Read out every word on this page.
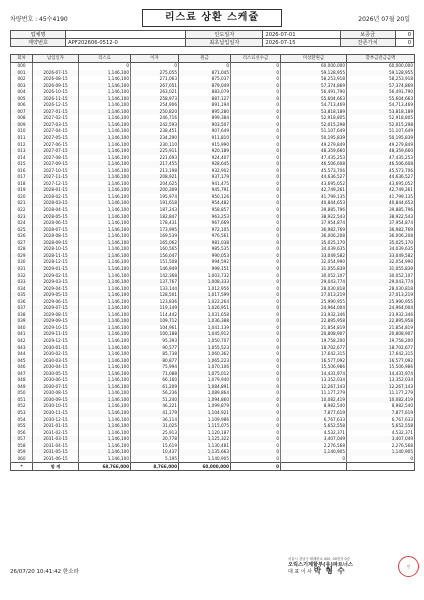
차량번호 : 45수4190	리스료 상환 스케쥴	2026년 07월 20일
업체명		인도일자	2026-07-01	보증금	0
계약번호	APF202606-0512-0	최초납입일자	2026-07-15	잔존가치	0
회차	납입일자	리스료	이자	원금	리스료선수금	미상환원금	할부금잔금금액
000		0	0	0	0	60,000,000	60,000,000
001	2026-07-15	1,146,100	275,055	871,045	0	59,128,955	59,128,955
002	2026-08-15	1,146,100	271,063	875,037	0	58,253,918	58,253,918
003	2026-09-15	1,146,100	267,051	879,049	0	57,374,869	57,374,869
004	2026-10-15	1,146,100	263,021	883,079	0	56,491,790	56,491,790
005	2026-11-15	1,146,100	258,973	887,127	0	55,604,663	55,604,663
006	2026-12-15	1,146,100	254,906	891,194	0	54,713,469	54,713,469
007	2027-01-15	1,146,100	250,820	895,280	0	53,818,189	53,818,189
008	2027-02-15	1,146,100	246,716	899,384	0	52,918,805	52,918,805
009	2027-03-15	1,146,100	242,593	903,507	0	52,015,298	52,015,298
010	2027-04-15	1,146,100	238,451	907,649	0	51,107,649	51,107,649
011	2027-05-15	1,146,100	234,290	911,810	0	50,195,839	50,195,839
012	2027-06-15	1,146,100	230,110	915,990	0	49,279,849	49,279,849
013	2027-07-15	1,146,100	225,911	920,189	0	48,359,660	48,359,660
014	2027-08-15	1,146,100	221,693	924,407	0	47,435,253	47,435,253
015	2027-09-15	1,146,100	217,455	928,645	0	46,506,608	46,506,608
016	2027-10-15	1,146,100	213,198	932,902	0	45,573,706	45,573,706
017	2027-11-15	1,146,100	208,921	937,179	0	44,636,527	44,636,527
018	2027-12-15	1,146,100	204,625	941,475	0	43,695,052	43,695,052
019	2028-01-15	1,146,100	200,309	945,791	0	42,749,261	42,749,261
020	2028-02-15	1,146,100	195,974	950,126	0	41,799,135	41,799,135
021	2028-03-15	1,146,100	191,618	954,482	0	40,844,653	40,844,653
022	2028-04-15	1,146,100	187,243	958,857	0	39,885,796	39,885,796
023	2028-05-15	1,146,100	182,847	963,253	0	38,922,543	38,922,543
024	2028-06-15	1,146,100	178,431	967,669	0	37,954,874	37,954,874
025	2028-07-15	1,146,100	173,995	972,105	0	36,982,769	36,982,769
026	2028-08-15	1,146,100	169,539	976,561	0	36,006,208	36,006,208
027	2028-09-15	1,146,100	165,062	981,038	0	35,025,170	35,025,170
028	2028-10-15	1,146,100	160,565	985,535	0	34,039,635	34,039,635
029	2028-11-15	1,146,100	156,047	990,053	0	33,049,582	33,049,582
030	2028-12-15	1,146,100	151,508	994,592	0	32,054,990	32,054,990
031	2029-01-15	1,146,100	146,949	999,151	0	31,055,839	31,055,839
032	2029-02-15	1,146,100	142,368	1,003,732	0	30,052,107	30,052,107
033	2029-03-15	1,146,100	137,767	1,008,333	0	29,043,774	29,043,774
034	2029-04-15	1,146,100	133,144	1,012,956	0	28,030,818	28,030,818
035	2029-05-15	1,146,100	128,501	1,017,599	0	27,013,219	27,013,219
036	2029-06-15	1,146,100	123,836	1,022,264	0	25,990,955	25,990,955
037	2029-07-15	1,146,100	119,149	1,026,951	0	24,964,004	24,964,004
038	2029-08-15	1,146,100	114,442	1,031,658	0	23,932,346	23,932,346
039	2029-09-15	1,146,100	109,712	1,036,388	0	22,895,958	22,895,958
040	2029-10-15	1,146,100	104,961	1,041,139	0	21,854,819	21,854,819
041	2029-11-15	1,146,100	100,188	1,045,912	0	20,808,907	20,808,907
042	2029-12-15	1,146,100	95,393	1,050,707	0	19,758,200	19,758,200
043	2030-01-15	1,146,100	90,577	1,055,523	0	18,702,677	18,702,677
044	2030-02-15	1,146,100	85,738	1,060,362	0	17,642,315	17,642,315
045	2030-03-15	1,146,100	80,877	1,065,223	0	16,577,092	16,577,092
046	2030-04-15	1,146,100	75,994	1,070,106	0	15,506,986	15,506,986
047	2030-05-15	1,146,100	71,088	1,075,012	0	14,431,974	14,431,974
048	2030-06-15	1,146,100	66,160	1,079,940	0	13,352,034	13,352,034
049	2030-07-15	1,146,100	61,209	1,084,891	0	12,267,143	12,267,143
050	2030-08-15	1,146,100	56,236	1,089,864	0	11,177,279	11,177,279
051	2030-09-15	1,146,100	51,240	1,094,860	0	10,082,419	10,082,419
052	2030-10-15	1,146,100	46,221	1,099,879	0	8,982,540	8,982,540
053	2030-11-15	1,146,100	41,179	1,104,921	0	7,877,619	7,877,619
054	2030-12-15	1,146,100	36,114	1,109,986	0	6,767,633	6,767,633
055	2031-01-15	1,146,100	31,025	1,115,075	0	5,652,558	5,652,558
056	2031-02-15	1,146,100	25,913	1,120,187	0	4,532,371	4,532,371
057	2031-03-15	1,146,100	20,778	1,125,322	0	3,407,049	3,407,049
058	2031-04-15	1,146,100	15,619	1,130,481	0	2,276,568	2,276,568
059	2031-05-15	1,146,100	10,437	1,135,663	0	1,140,905	1,140,905
060	2031-06-15	1,146,100	5,195	1,140,905	0	0	0
*	합 계	68,766,000	8,766,000	60,000,000	0		
26/07/20 10:41:42 한소라
서울시 강남구 테헤란로 000, 00빌딩 0층
오릭스기계할부(유)파트너스
대 표 이 사 박 형 수	인
